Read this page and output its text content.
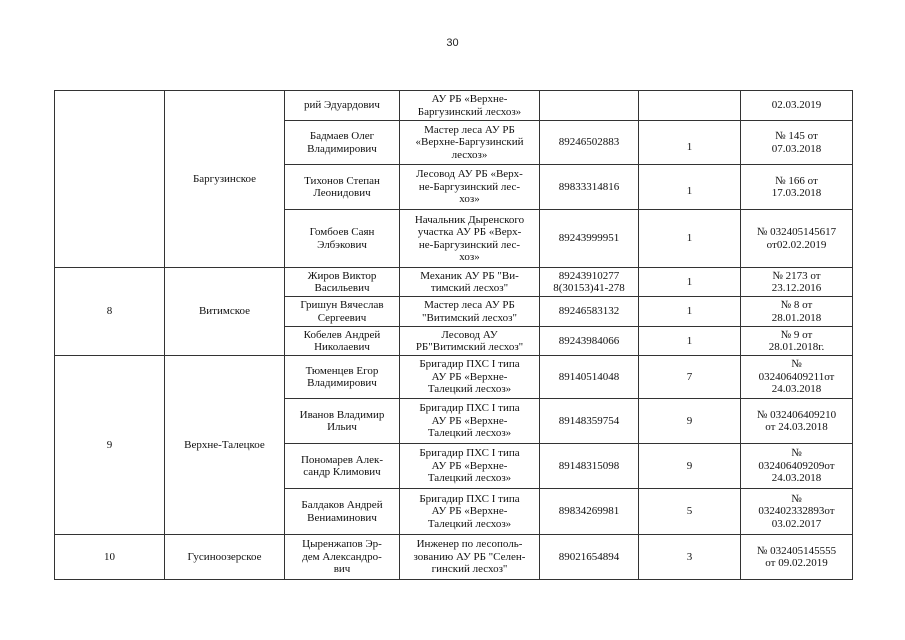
30
	Баргузинское	рий Эдуардович	АУ РБ «Верхне-
Баргузинский лесхоз»			02.03.2019

		Бадмаев Олег
Владимирович	Мастер леса АУ РБ
«Верхне-Баргузинский
лесхоз»	89246502883	1	№ 145 от
07.03.2018

		Тихонов Степан
Леонидович	Лесовод АУ РБ «Верх-
не-Баргузинский лес-
хоз»	89833314816	1	№ 166 от
17.03.2018

		Гомбоев Саян
Элбэкович	Начальник Дыренского
участка АУ РБ «Верх-
не-Баргузинский лес-
хоз»	89243999951	1	№ 032405145617
от02.02.2019

8	Витимское	Жиров Виктор
Васильевич	Механик АУ РБ "Ви-
тимский лесхоз"	89243910277
8(30153)41-278	1	№ 2173 от
23.12.2016

		Гришун Вячеслав
Сергеевич	Мастер леса АУ РБ
"Витимский лесхоз"	89246583132	1	№ 8 от
28.01.2018

		Кобелев Андрей
Николаевич	Лесовод АУ
РБ"Витимский лесхоз"	89243984066	1	№ 9 от
28.01.2018г.

9	Верхне-Талецкое	Тюменцев Егор
Владимирович	Бригадир ПХС I типа
АУ РБ «Верхне-
Талецкий лесхоз»	89140514048	7	№
032406409211от
24.03.2018

		Иванов Владимир
Ильич	Бригадир ПХС I типа
АУ РБ «Верхне-
Талецкий лесхоз»	89148359754	9	№ 032406409210
от 24.03.2018

		Пономарев Алек-
сандр Климович	Бригадир ПХС I типа
АУ РБ «Верхне-
Талецкий лесхоз»	89148315098	9	№
032406409209от
24.03.2018

		Балдаков Андрей
Вениаминович	Бригадир ПХС I типа
АУ РБ «Верхне-
Талецкий лесхоз»	89834269981	5	№
032402332893от
03.02.2017

10	Гусиноозерское	Цыренжапов Эр-
дем Александро-
вич	Инженер по лесополь-
зованию АУ РБ "Селен-
гинский лесхоз"	89021654894	3	№ 032405145555
от 09.02.2019
